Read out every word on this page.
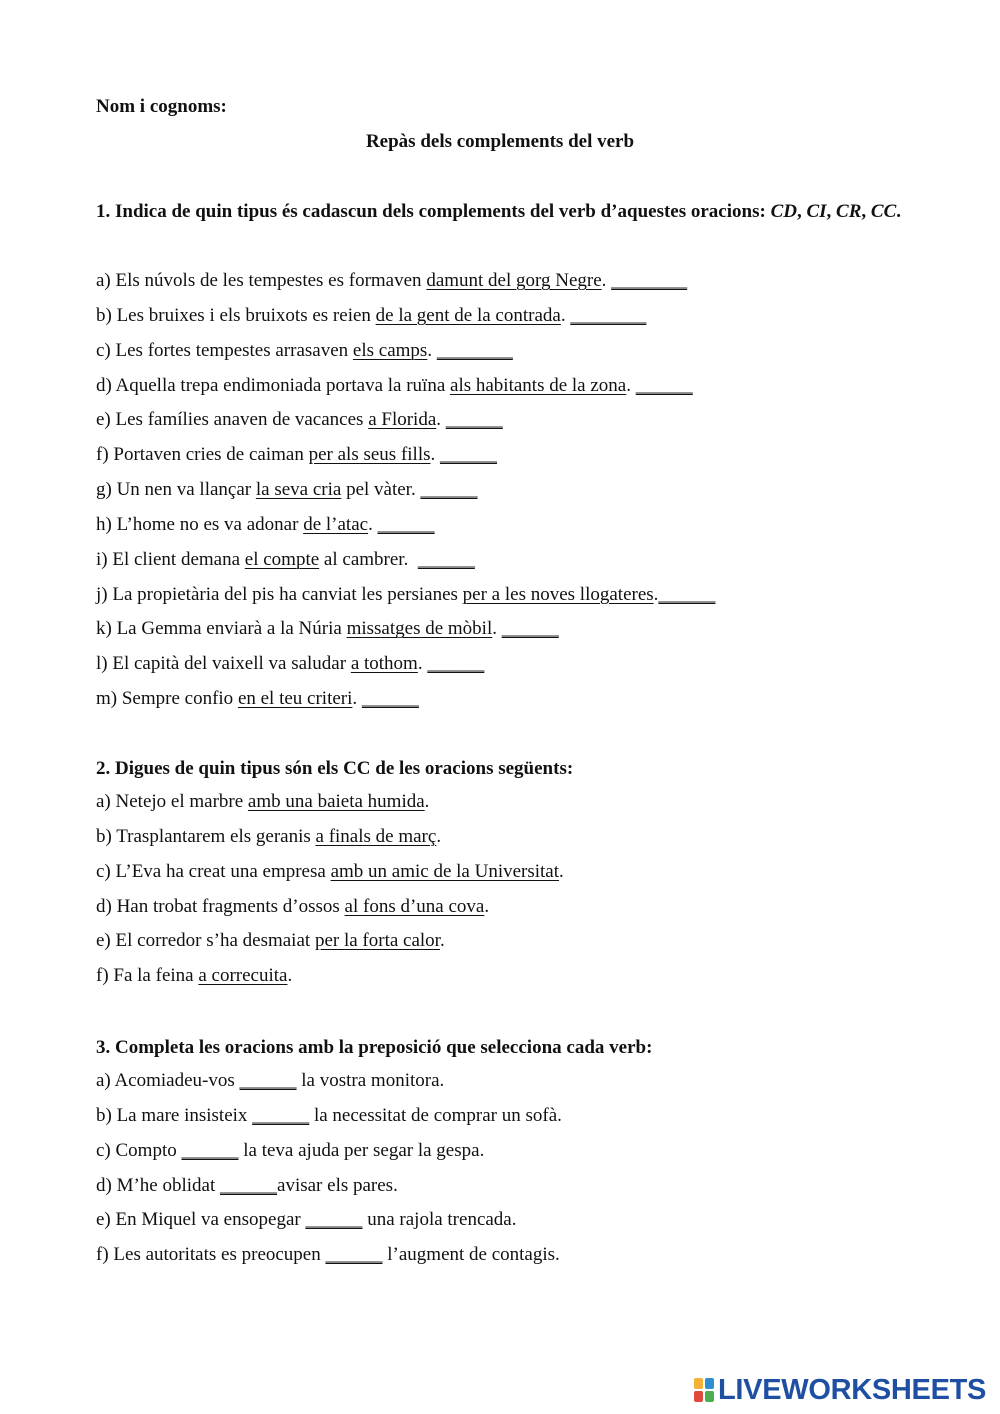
Nom i cognoms:
Repàs dels complements del verb
1. Indica de quin tipus és cadascun dels complements del verb d’aquestes oracions: CD, CI, CR, CC.
a) Els núvols de les tempestes es formaven damunt del gorg Negre. ________
b) Les bruixes i els bruixots es reien de la gent de la contrada. ________
c) Les fortes tempestes arrasaven els camps. ________
d) Aquella trepa endimoniada portava la ruïna als habitants de la zona. ______
e) Les famílies anaven de vacances a Florida. ______
f) Portaven cries de caiman per als seus fills. ______
g) Un nen va llançar la seva cria pel vàter. ______
h) L’home no es va adonar de l’atac. ______
i) El client demana el compte al cambrer.  ______
j) La propietària del pis ha canviat les persianes per a les noves llogateres.______
k) La Gemma enviarà a la Núria missatges de mòbil. ______
l) El capità del vaixell va saludar a tothom. ______
m) Sempre confio en el teu criteri. ______
2. Digues de quin tipus són els CC de les oracions següents:
a) Netejo el marbre amb una baieta humida.
b) Trasplantarem els geranis a finals de març.
c) L’Eva ha creat una empresa amb un amic de la Universitat.
d) Han trobat fragments d’ossos al fons d’una cova.
e) El corredor s’ha desmaiat per la forta calor.
f) Fa la feina a correcuita.
3. Completa les oracions amb la preposició que selecciona cada verb:
a) Acomiadeu-vos ______ la vostra monitora.
b) La mare insisteix ______ la necessitat de comprar un sofà.
c) Compto ______ la teva ajuda per segar la gespa.
d) M’he oblidat ______avisar els pares.
e) En Miquel va ensopegar ______ una rajola trencada.
f) Les autoritats es preocupen ______ l’augment de contagis.
LIVEWORKSHEETS
